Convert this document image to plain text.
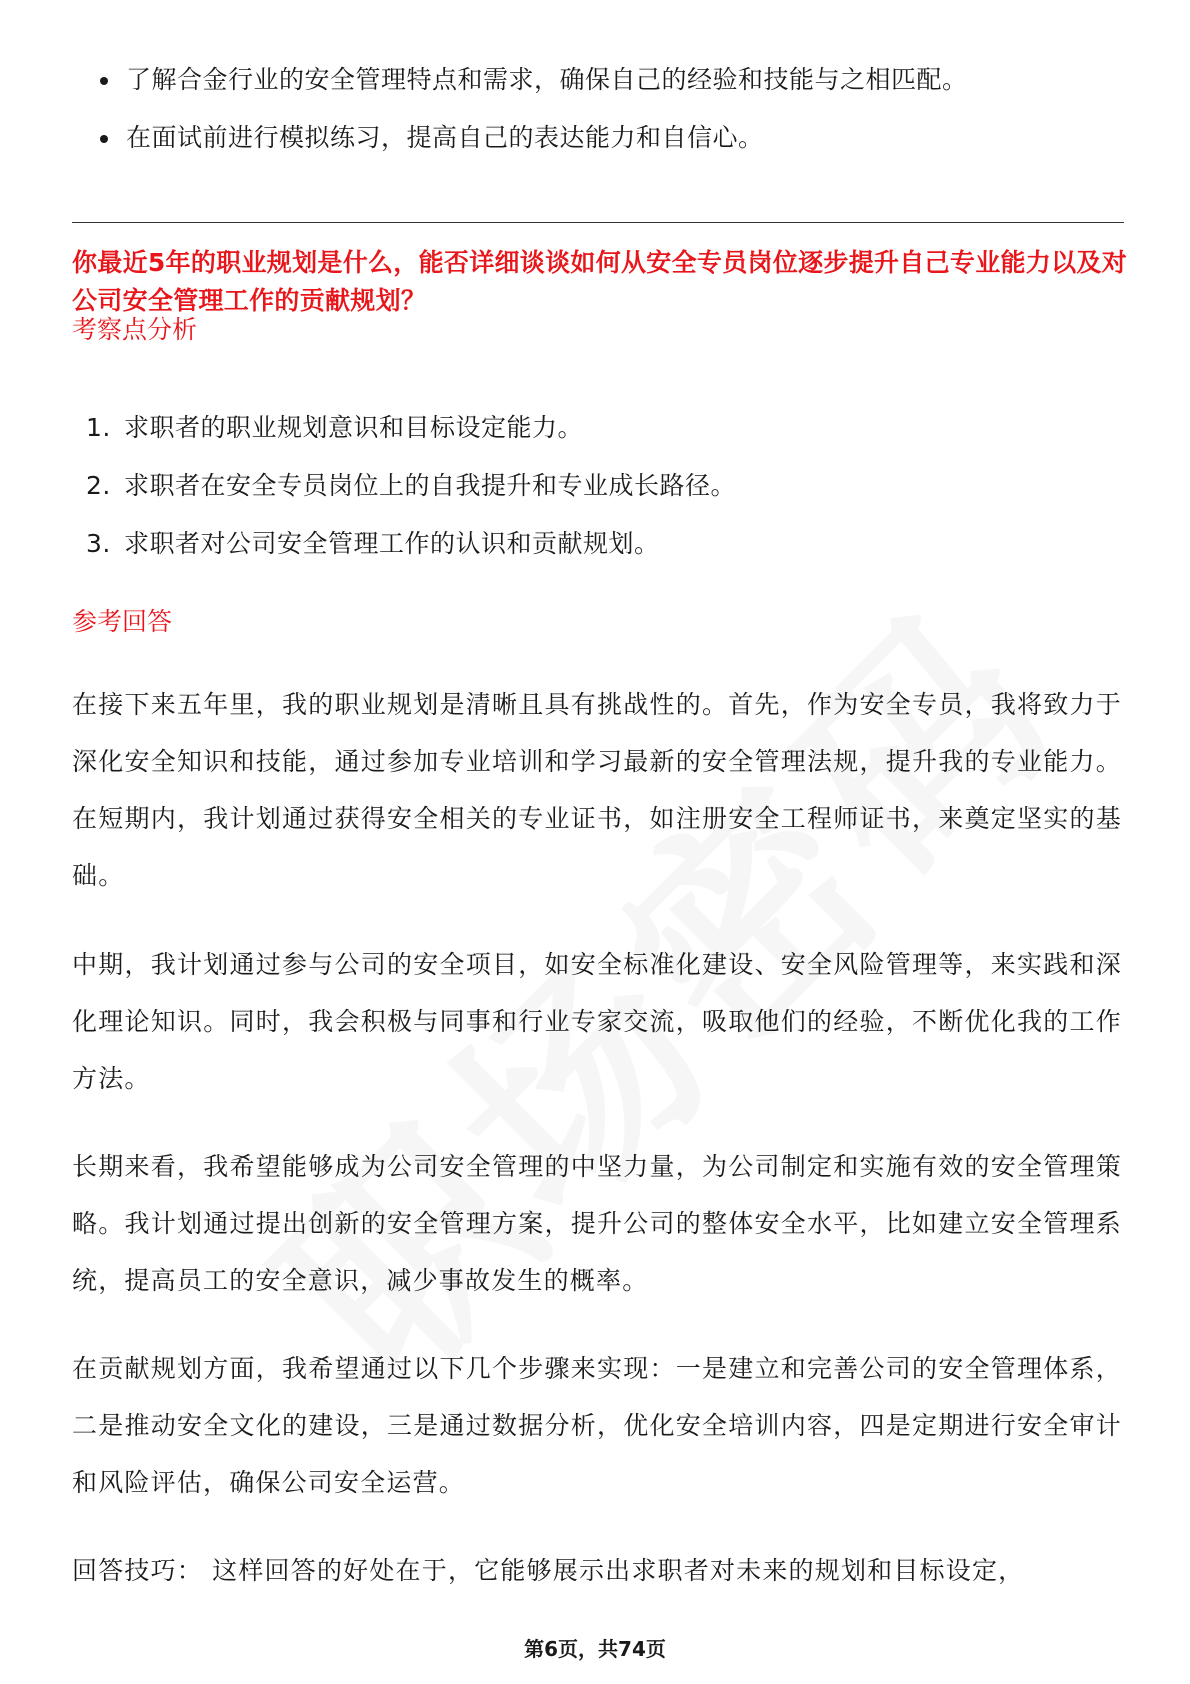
了解合金行业的安全管理特点和需求，确保自己的经验和技能与之相匹配。
在面试前进行模拟练习，提高自己的表达能力和自信心。
你最近5年的职业规划是什么，能否详细谈谈如何从安全专员岗位逐步提升自己专业能力以及对公司安全管理工作的贡献规划？
考察点分析
1. 求职者的职业规划意识和目标设定能力。
2. 求职者在安全专员岗位上的自我提升和专业成长路径。
3. 求职者对公司安全管理工作的认识和贡献规划。
参考回答

在接下来五年里，我的职业规划是清晰且具有挑战性的。首先，作为安全专员，我将致力于深化安全知识和技能，通过参加专业培训和学习最新的安全管理法规，提升我的专业能力。在短期内，我计划通过获得安全相关的专业证书，如注册安全工程师证书，来奠定坚实的基础。

中期，我计划通过参与公司的安全项目，如安全标准化建设、安全风险管理等，来实践和深化理论知识。同时，我会积极与同事和行业专家交流，吸取他们的经验，不断优化我的工作方法。

长期来看，我希望能够成为公司安全管理的中坚力量，为公司制定和实施有效的安全管理策略。我计划通过提出创新的安全管理方案，提升公司的整体安全水平，比如建立安全管理系统，提高员工的安全意识，减少事故发生的概率。

在贡献规划方面，我希望通过以下几个步骤来实现：一是建立和完善公司的安全管理体系，二是推动安全文化的建设，三是通过数据分析，优化安全培训内容，四是定期进行安全审计和风险评估，确保公司安全运营。

回答技巧： 这样回答的好处在于，它能够展示出求职者对未来的规划和目标设定，

第6页，共74页
